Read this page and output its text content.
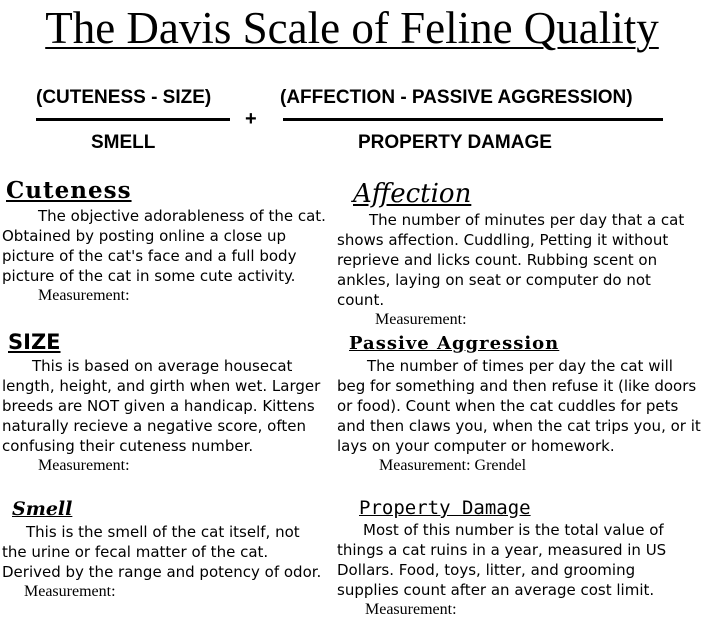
The Davis Scale of Feline Quality
(CUTENESS - SIZE)
SMELL
+
(AFFECTION - PASSIVE AGGRESSION)
PROPERTY DAMAGE
Cuteness

The objective adorableness of the cat. Obtained by posting online a close up picture of the cat's face and a full body picture of the cat in some cute activity.

Measurement:
SIZE

This is based on average housecat length, height, and girth when wet. Larger breeds are NOT given a handicap. Kittens naturally recieve a negative score, often confusing their cuteness number.

Measurement:
Smell

This is the smell of the cat itself, not the urine or fecal matter of the cat. Derived by the range and potency of odor.

Measurement:
Affection

The number of minutes per day that a cat shows affection. Cuddling, Petting it without reprieve and licks count. Rubbing scent on ankles, laying on seat or computer do not count.

Measurement:
Passive Aggression

The number of times per day the cat will beg for something and then refuse it (like doors or food). Count when the cat cuddles for pets and then claws you, when the cat trips you, or it lays on your computer or homework.

Measurement: Grendel
Property Damage

Most of this number is the total value of things a cat ruins in a year, measured in US Dollars. Food, toys, litter, and grooming supplies count after an average cost limit.

Measurement:
